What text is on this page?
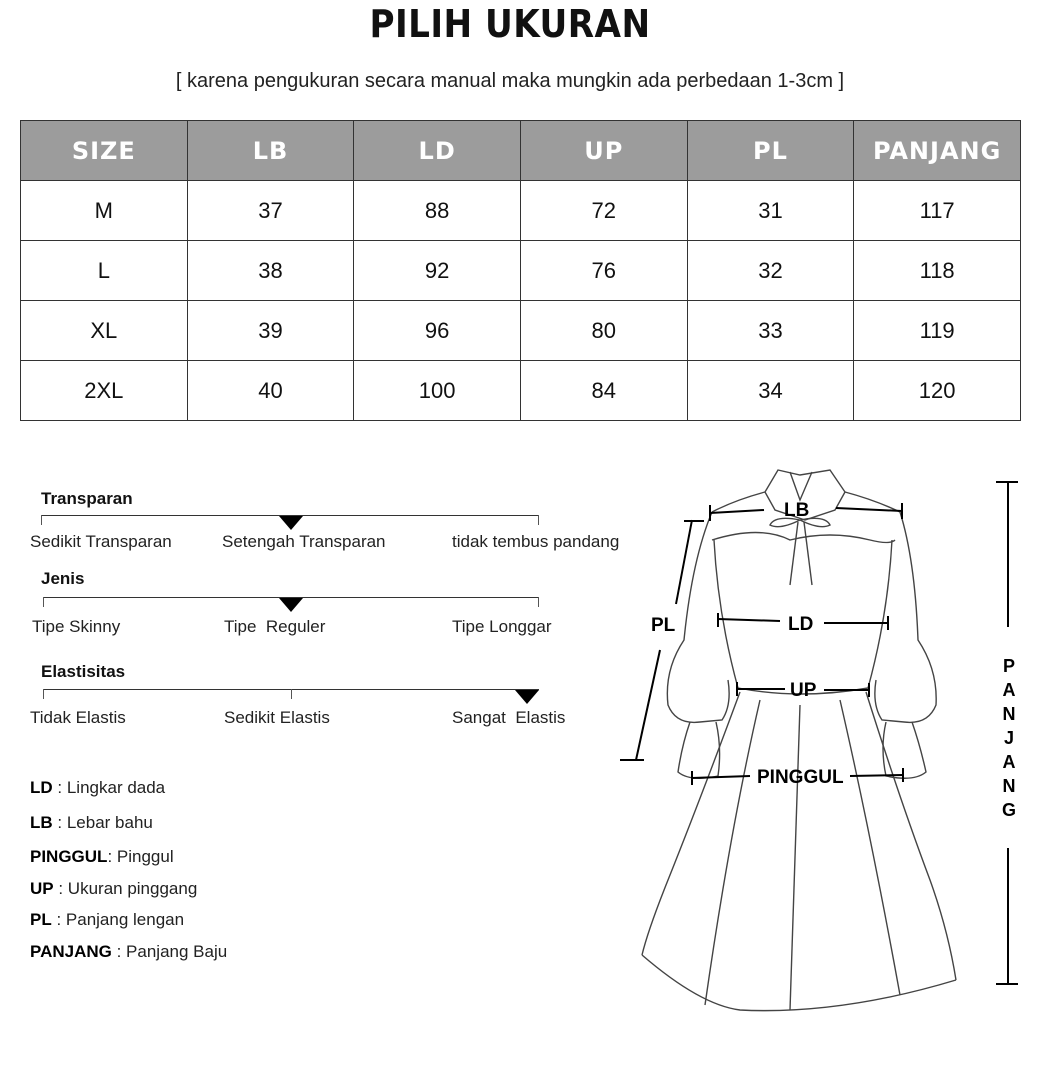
PILIH UKURAN
[ karena pengukuran secara manual maka mungkin ada perbedaan 1-3cm ]
SIZE	LB	LD	UP	PL	PANJANG
M	37	88	72	31	117
L	38	92	76	32	118
XL	39	96	80	33	119
2XL	40	100	84	34	120
Transparan
Sedikit Transparan	Setengah Transparan	tidak tembus pandang
Jenis
Tipe Skinny	Tipe  Reguler	Tipe Longgar
Elastisitas
Tidak Elastis	Sedikit Elastis	Sangat  Elastis
LD : Lingkar dada
LB : Lebar bahu
PINGGUL: Pinggul
UP : Ukuran pinggang
PL : Panjang lengan
PANJANG : Panjang Baju
LB
LD
UP
PL
PINGGUL
P
A
N
J
A
N
G
